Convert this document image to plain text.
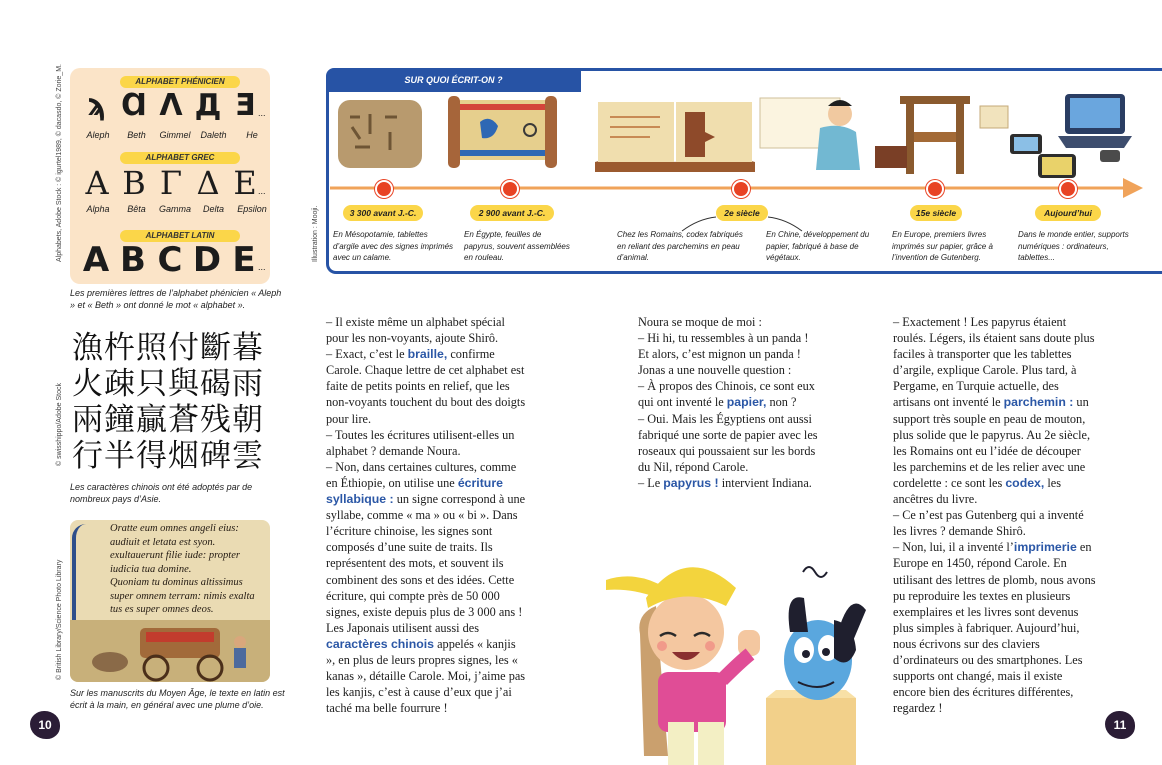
Alphabets, Adobe Stock : © igurtel1989, © dacasdo, © Zorie_M.	ALPHABET PHÉNICIEN
ϡ Ɑ Λ Д Ǝ ...
Aleph	Beth	Gimmel	Daleth	He
ALPHABET GREC
Α Β Γ Δ Ε ...
Alpha	Bêta	Gamma	Delta	Epsilon
ALPHABET LATIN
A B C D E ...
Les premières lettres de l’alphabet phénicien « Aleph » et « Beth » ont donné le mot « alphabet ».
© swisshippo/Adobe Stock
漁杵照付斷暮
火疎只與碣雨
兩鐘贏蒼残朝
行半得烟碑雲
Les caractères chinois ont été adoptés par de nombreux pays d’Asie.
© British Library/Science Photo Library
Oratte eum omnes angeli eius:
audiuit et letata est syon.
exultauerunt filie iude: propter
iudicia tua domine.
Quoniam tu dominus altissimus
super omnem terram: nimis exalta
tus es super omnes deos.
Sur les manuscrits du Moyen Âge, le texte en latin est écrit à la main, en général avec une plume d’oie.
SUR QUOI ÉCRIT-ON ?
Illustration : Mooji.	3 300 avant J.-C.	2 900 avant J.-C.	2e siècle	15e siècle	Aujourd’hui
En Mésopotamie, tablettes d’argile avec des signes imprimés avec un calame.
En Égypte, feuilles de papyrus, souvent assemblées en rouleau.
Chez les Romains, codex fabriqués en reliant des parchemins en peau d’animal.
En Chine, développement du papier, fabriqué à base de végétaux.
En Europe, premiers livres imprimés sur papier, grâce à l’invention de Gutenberg.
Dans le monde entier, supports numériques : ordinateurs, tablettes...

– Il existe même un alphabet spécial pour les non-voyants, ajoute Shirô.

– Exact, c’est le braille, confirme Carole. Chaque lettre de cet alphabet est faite de petits points en relief, que les non-voyants touchent du bout des doigts pour lire.

– Toutes les écritures utilisent-elles un alphabet ? demande Noura.

– Non, dans certaines cultures, comme en Éthiopie, on utilise une écriture syllabique : un signe correspond à une syllabe, comme « ma » ou « bi ». Dans l’écriture chinoise, les signes sont composés d’une suite de traits. Ils représentent des mots, et souvent ils combinent des sons et des idées. Cette écriture, qui compte près de 50 000 signes, existe depuis plus de 3 000 ans ! Les Japonais utilisent aussi des caractères chinois appelés « kanjis », en plus de leurs propres signes, les « kanas », détaille Carole. Moi, j’aime pas les kanjis, c’est à cause d’eux que j’ai taché ma belle fourrure !

Noura se moque de moi :

– Hi hi, tu ressembles à un panda !

Et alors, c’est mignon un panda !

Jonas a une nouvelle question :

– À propos des Chinois, ce sont eux qui ont inventé le papier, non ?

– Oui. Mais les Égyptiens ont aussi fabriqué une sorte de papier avec les roseaux qui poussaient sur les bords du Nil, répond Carole.

– Le papyrus ! intervient Indiana.

– Exactement ! Les papyrus étaient roulés. Légers, ils étaient sans doute plus faciles à transporter que les tablettes d’argile, explique Carole. Plus tard, à Pergame, en Turquie actuelle, des artisans ont inventé le parchemin : un support très souple en peau de mouton, plus solide que le papyrus. Au 2e siècle, les Romains ont eu l’idée de découper les parchemins et de les relier avec une cordelette : ce sont les codex, les ancêtres du livre.

– Ce n’est pas Gutenberg qui a inventé les livres ? demande Shirô.

– Non, lui, il a inventé l’imprimerie en Europe en 1450, répond Carole. En utilisant des lettres de plomb, nous avons pu reproduire les textes en plusieurs exemplaires et les livres sont devenus plus simples à fabriquer. Aujourd’hui, nous écrivons sur des claviers d’ordinateurs ou des smartphones. Les supports ont changé, mais il existe encore bien des écritures différentes, regardez !

10	11
